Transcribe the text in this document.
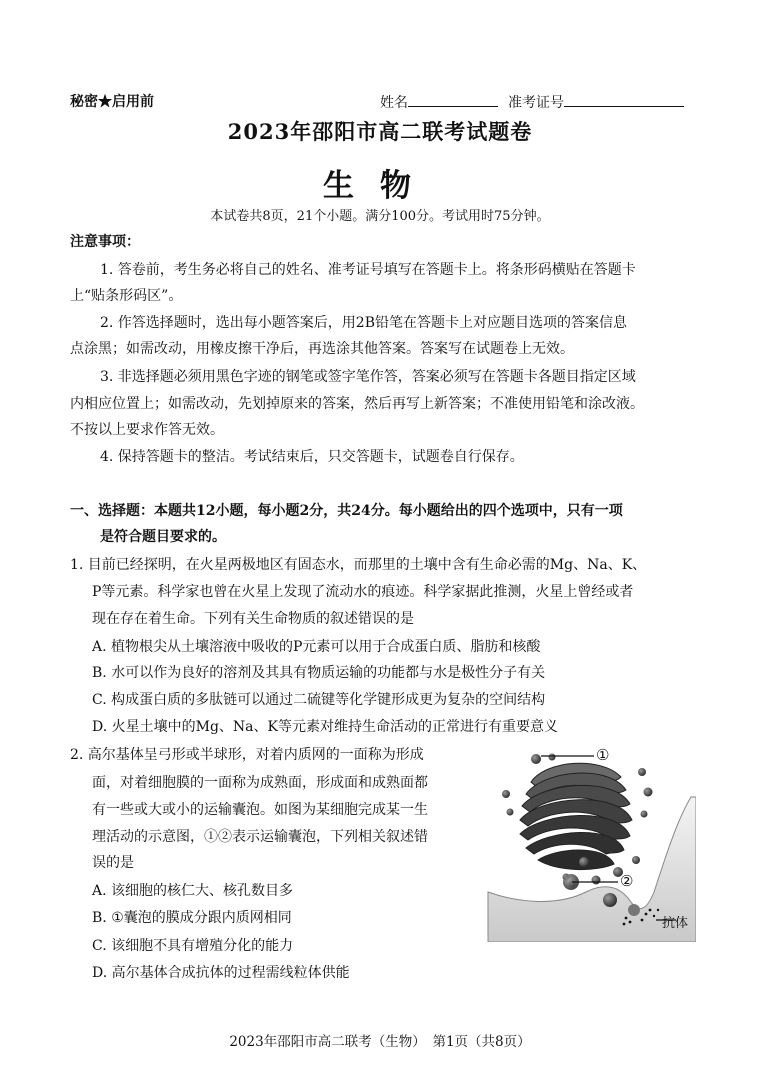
秘密★启用前	姓名	准考证号
2023年邵阳市高二联考试题卷
生物
本试卷共8页，21个小题。满分100分。考试用时75分钟。
注意事项：
1. 答卷前，考生务必将自己的姓名、准考证号填写在答题卡上。将条形码横贴在答题卡
上“贴条形码区”。
2. 作答选择题时，选出每小题答案后，用2B铅笔在答题卡上对应题目选项的答案信息
点涂黑；如需改动，用橡皮擦干净后，再选涂其他答案。答案写在试题卷上无效。
3. 非选择题必须用黑色字迹的钢笔或签字笔作答，答案必须写在答题卡各题目指定区域
内相应位置上；如需改动，先划掉原来的答案，然后再写上新答案；不准使用铅笔和涂改液。
不按以上要求作答无效。
4. 保持答题卡的整洁。考试结束后，只交答题卡，试题卷自行保存。
一、选择题：本题共12小题，每小题2分，共24分。每小题给出的四个选项中，只有一项
是符合题目要求的。
1. 目前已经探明，在火星两极地区有固态水，而那里的土壤中含有生命必需的Mg、Na、K、
P等元素。科学家也曾在火星上发现了流动水的痕迹。科学家据此推测，火星上曾经或者
现在存在着生命。下列有关生命物质的叙述错误的是
A. 植物根尖从土壤溶液中吸收的P元素可以用于合成蛋白质、脂肪和核酸
B. 水可以作为良好的溶剂及其具有物质运输的功能都与水是极性分子有关
C. 构成蛋白质的多肽链可以通过二硫键等化学键形成更为复杂的空间结构
D. 火星土壤中的Mg、Na、K等元素对维持生命活动的正常进行有重要意义
2. 高尔基体呈弓形或半球形，对着内质网的一面称为形成
面，对着细胞膜的一面称为成熟面，形成面和成熟面都
有一些或大或小的运输囊泡。如图为某细胞完成某一生
理活动的示意图，①②表示运输囊泡，下列相关叙述错
误的是
A. 该细胞的核仁大、核孔数目多
B. ①囊泡的膜成分跟内质网相同
C. 该细胞不具有增殖分化的能力
D. 高尔基体合成抗体的过程需线粒体供能
①
②
抗体
2023年邵阳市高二联考（生物）　第1页（共8页）
